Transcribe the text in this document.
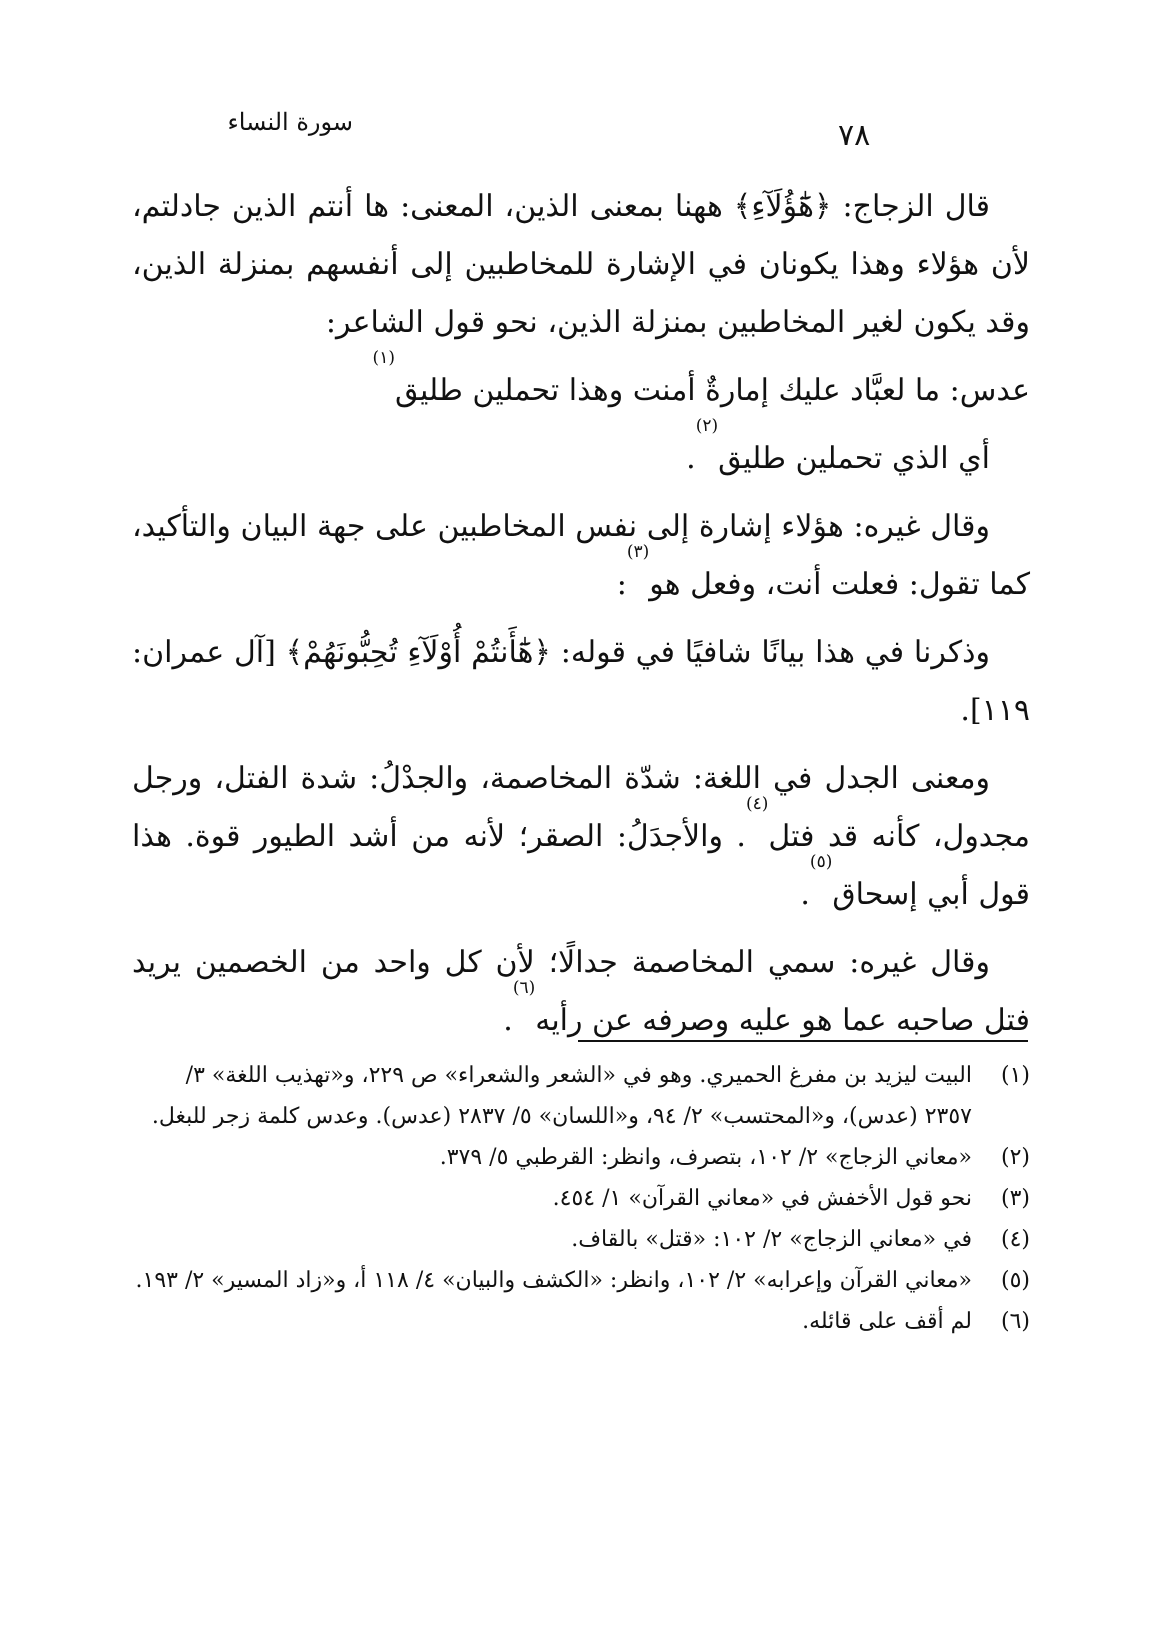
سورة النساء	٧٨

قال الزجاج: ﴿هَٰٓؤُلَآءِ﴾ ههنا بمعنى الذين، المعنى: ها أنتم الذين جادلتم، لأن هؤلاء وهذا يكونان في الإشارة للمخاطبين إلى أنفسهم بمنزلة الذين، وقد يكون لغير المخاطبين بمنزلة الذين، نحو قول الشاعر:

عدس: ما لعبَّاد عليك إمارةٌ أمنت وهذا تحملين طليق$^{(١)}$

أي الذي تحملين طليق$^{(٢)}$.

وقال غيره: هؤلاء إشارة إلى نفس المخاطبين على جهة البيان والتأكيد، كما تقول: فعلت أنت، وفعل هو$^{(٣)}$:

وذكرنا في هذا بيانًا شافيًا في قوله: ﴿هَٰٓأَنتُمْ أُوْلَآءِ تُحِبُّونَهُمْ﴾ [آل عمران: ١١٩].

ومعنى الجدل في اللغة: شدّة المخاصمة، والجدْلُ: شدة الفتل، ورجل مجدول، كأنه قد فتل$^{(٤)}$. والأجدَلُ: الصقر؛ لأنه من أشد الطيور قوة. هذا قول أبي إسحاق$^{(٥)}$.

وقال غيره: سمي المخاصمة جدالًا؛ لأن كل واحد من الخصمين يريد فتل صاحبه عما هو عليه وصرفه عن رأيه$^{(٦)}$.

(١)
البيت ليزيد بن مفرغ الحميري. وهو في «الشعر والشعراء» ص ٢٢٩، و«تهذيب اللغة» ٣/ ٢٣٥٧ (عدس)، و«المحتسب» ٢/ ٩٤، و«اللسان» ٥/ ٢٨٣٧ (عدس). وعدس كلمة زجر للبغل.
(٢)
«معاني الزجاج» ٢/ ١٠٢، بتصرف، وانظر: القرطبي ٥/ ٣٧٩.
(٣)
نحو قول الأخفش في «معاني القرآن» ١/ ٤٥٤.
(٤)
في «معاني الزجاج» ٢/ ١٠٢: «قتل» بالقاف.
(٥)
«معاني القرآن وإعرابه» ٢/ ١٠٢، وانظر: «الكشف والبيان» ٤/ ١١٨ أ، و«زاد المسير» ٢/ ١٩٣.
(٦)
لم أقف على قائله.
